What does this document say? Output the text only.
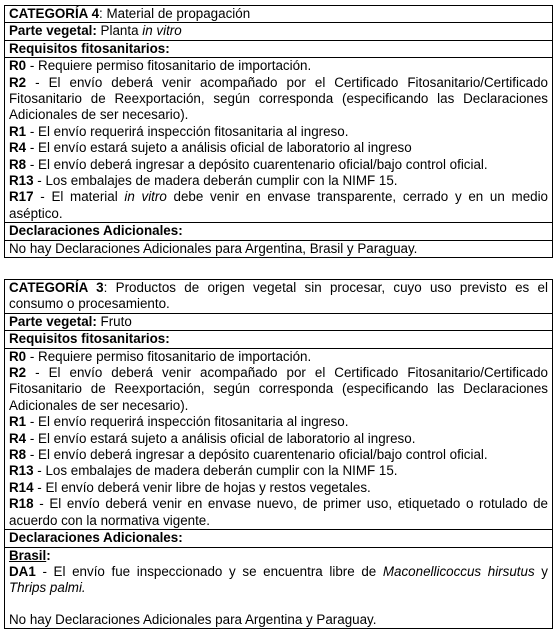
CATEGORÍA 4: Material de propagación
Parte vegetal: Planta in vitro
Requisitos fitosanitarios:

R0 - Requiere permiso fitosanitario de importación.
R2 - El envío deberá venir acompañado por el Certificado Fitosanitario/Certificado Fitosanitario de Reexportación, según corresponda (especificando las Declaraciones Adicionales de ser necesario).
R1 - El envío requerirá inspección fitosanitaria al ingreso.
R4 - El envío estará sujeto a análisis oficial de laboratorio al ingreso
R8 - El envío deberá ingresar a depósito cuarentenario oficial/bajo control oficial.
R13 - Los embalajes de madera deberán cumplir con la NIMF 15.
R17 - El material in vitro debe venir en envase transparente, cerrado y en un medio aséptico.

Declaraciones Adicionales:
No hay Declaraciones Adicionales para Argentina, Brasil y Paraguay.
CATEGORÍA 3: Productos de origen vegetal sin procesar, cuyo uso previsto es el consumo o procesamiento.
Parte vegetal: Fruto
Requisitos fitosanitarios:

R0 - Requiere permiso fitosanitario de importación.
R2 - El envío deberá venir acompañado por el Certificado Fitosanitario/Certificado Fitosanitario de Reexportación, según corresponda (especificando las Declaraciones Adicionales de ser necesario).
R1 - El envío requerirá inspección fitosanitaria al ingreso.
R4 - El envío estará sujeto a análisis oficial de laboratorio al ingreso.
R8 - El envío deberá ingresar a depósito cuarentenario oficial/bajo control oficial.
R13 - Los embalajes de madera deberán cumplir con la NIMF 15.
R14 - El envío deberá venir libre de hojas y restos vegetales.
R18 - El envío deberá venir en envase nuevo, de primer uso, etiquetado o rotulado de acuerdo con la normativa vigente.

Declaraciones Adicionales:

Brasil:
DA1 - El envío fue inspeccionado y se encuentra libre de Maconellicoccus hirsutus y Thrips palmi.
No hay Declaraciones Adicionales para Argentina y Paraguay.
